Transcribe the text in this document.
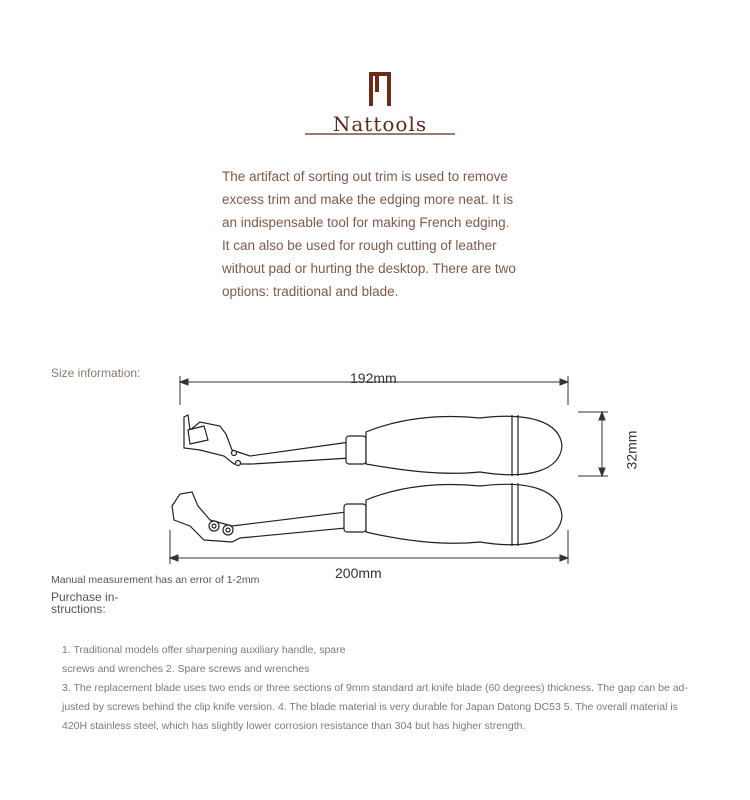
Nattools

The artifact of sorting out trim is used to remove

excess trim and make the edging more neat. It is

an indispensable tool for making French edging.

It can also be used for rough cutting of leather

without pad or hurting the desktop. There are two

options: traditional and blade.

Size information:	192mm
200mm
32mm
Manual measurement has an error of 1-2mm
Purchase in-
structions:

1. Traditional models offer sharpening auxiliary handle, spare

screws and wrenches 2. Spare screws and wrenches

3. The replacement blade uses two ends or three sections of 9mm standard art knife blade (60 degrees) thickness. The gap can be ad-

justed by screws behind the clip knife version. 4. The blade material is very durable for Japan Datong DC53 5. The overall material is

420H stainless steel, which has slightly lower corrosion resistance than 304 but has higher strength.
